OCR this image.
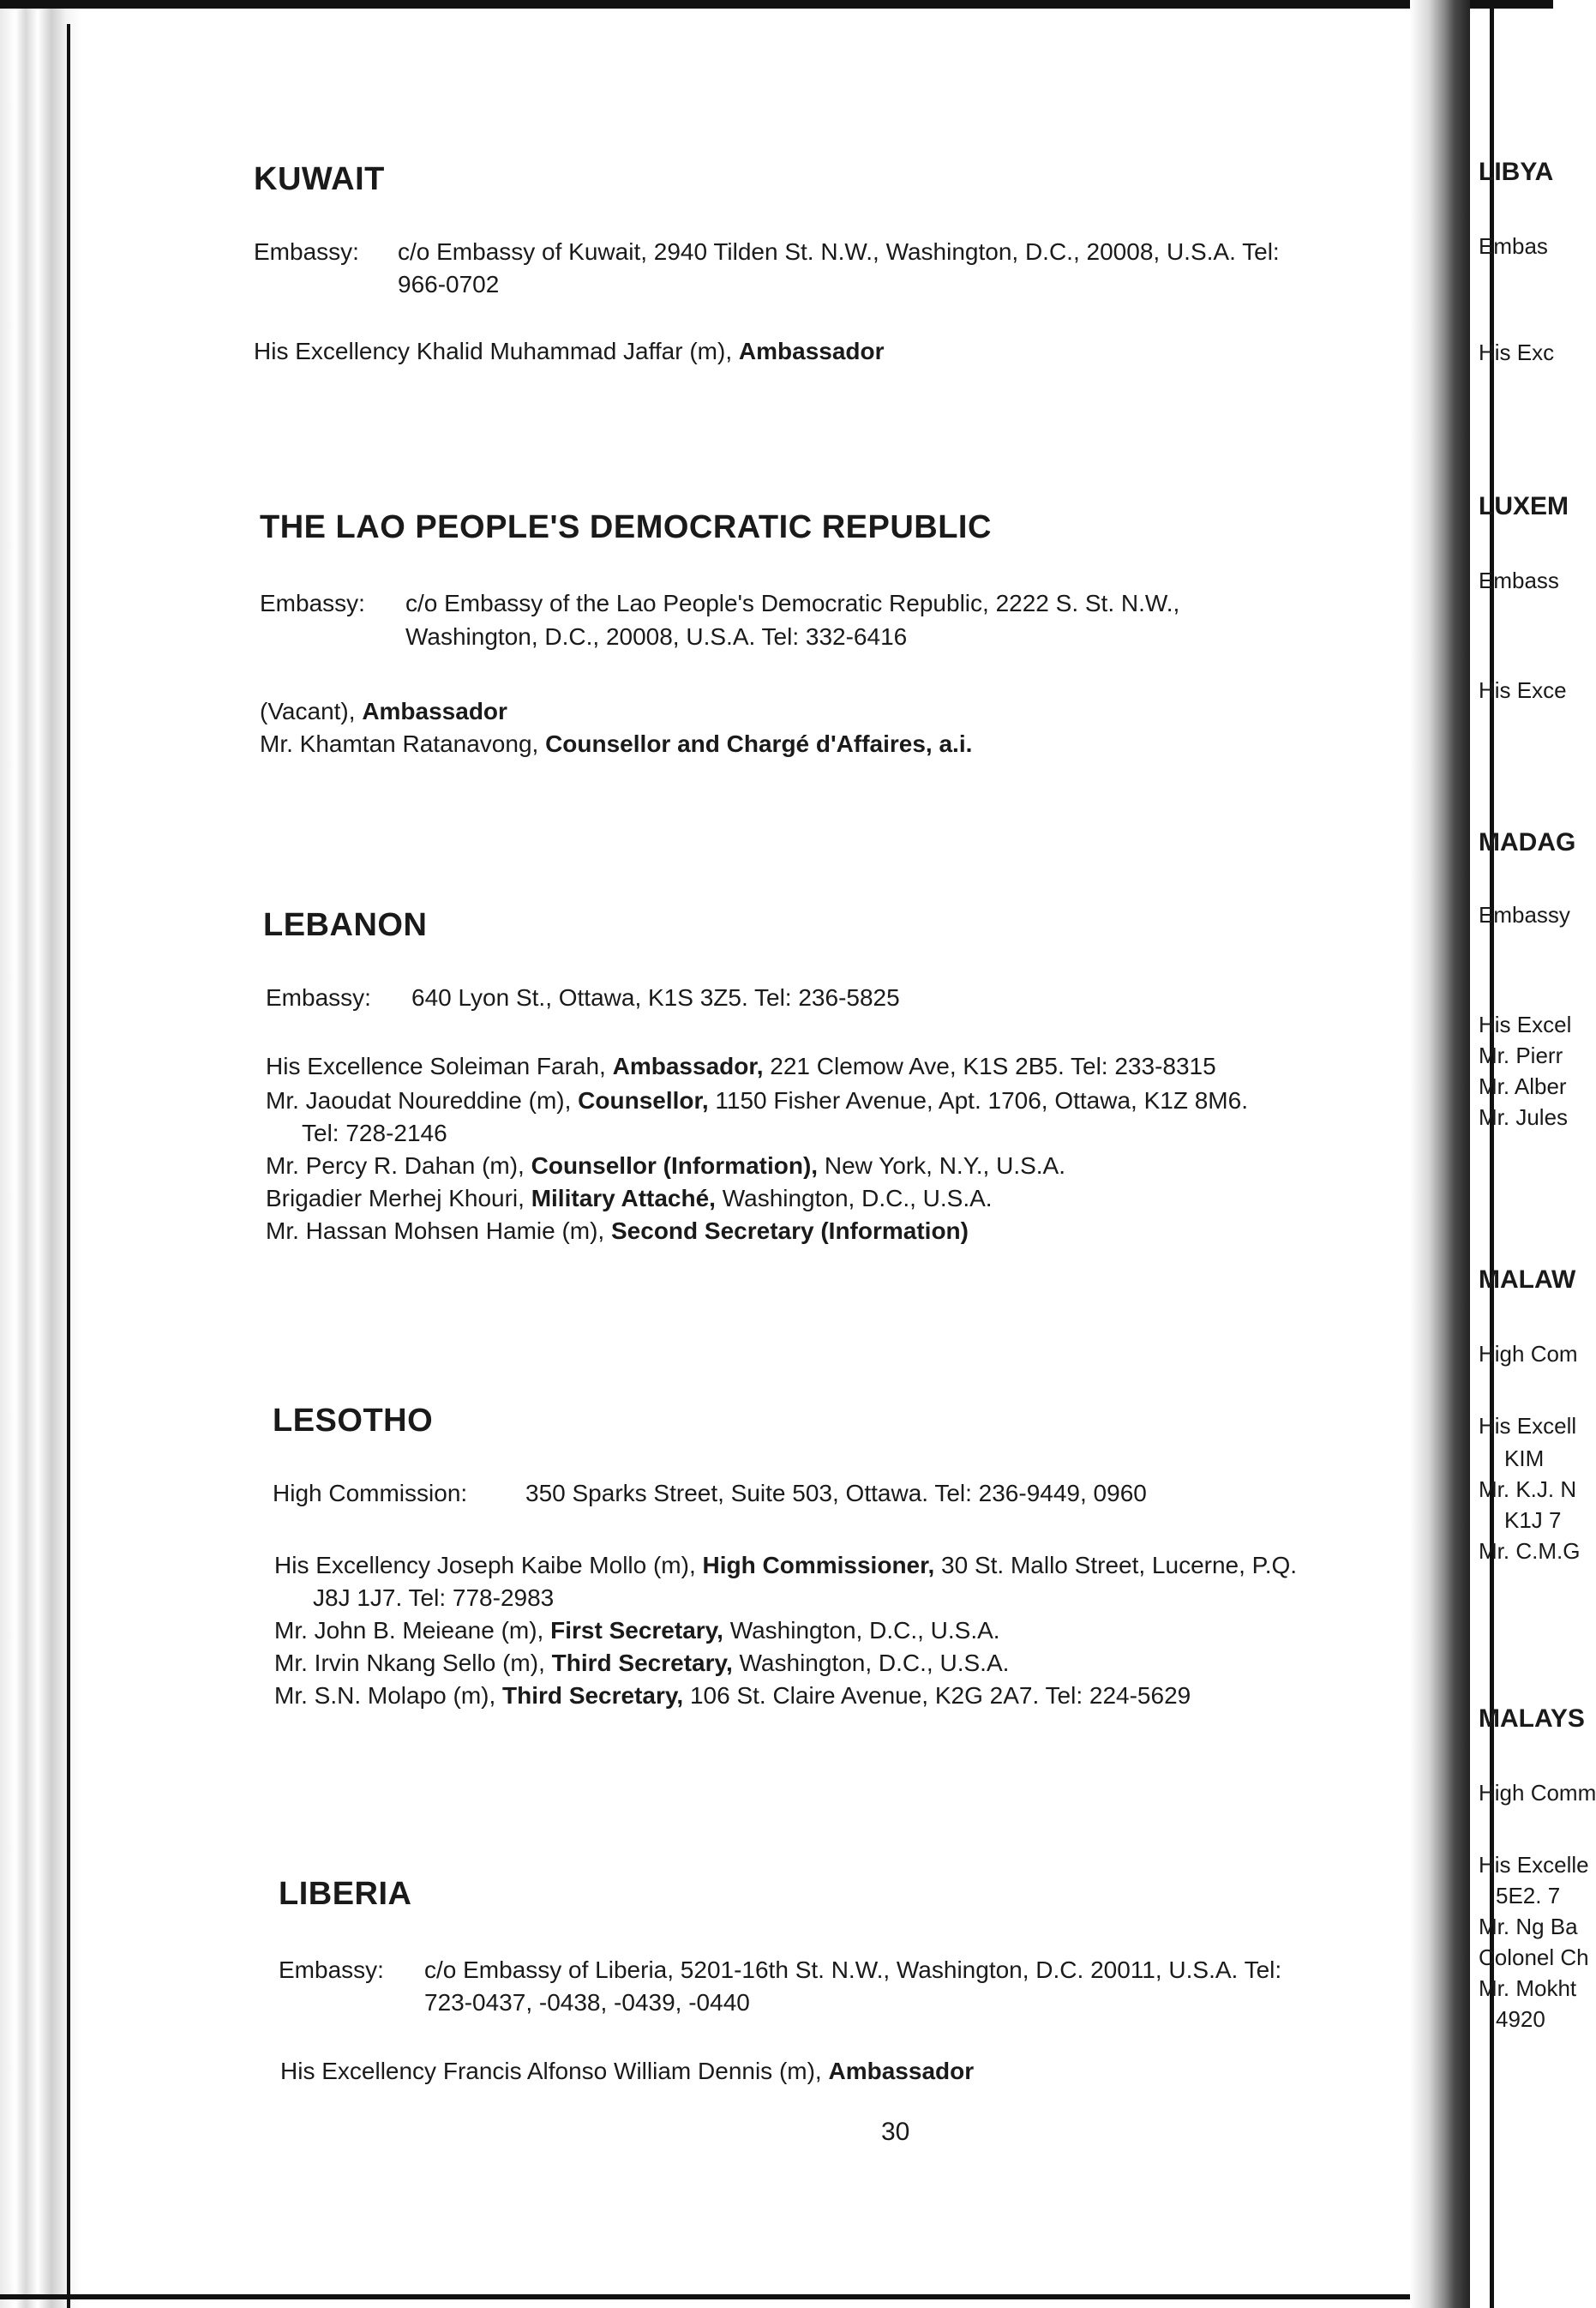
KUWAIT
Embassy: c/o Embassy of Kuwait, 2940 Tilden St. N.W., Washington, D.C., 20008, U.S.A. Tel:
966-0702
His Excellency Khalid Muhammad Jaffar (m), Ambassador
THE LAO PEOPLE'S DEMOCRATIC REPUBLIC
Embassy: c/o Embassy of the Lao People's Democratic Republic, 2222 S. St. N.W.,
Washington, D.C., 20008, U.S.A. Tel: 332-6416
(Vacant), Ambassador
Mr. Khamtan Ratanavong, Counsellor and Chargé d'Affaires, a.i.
LEBANON
Embassy: 640 Lyon St., Ottawa, K1S 3Z5. Tel: 236-5825
His Excellence Soleiman Farah, Ambassador, 221 Clemow Ave, K1S 2B5. Tel: 233-8315
Mr. Jaoudat Noureddine (m), Counsellor, 1150 Fisher Avenue, Apt. 1706, Ottawa, K1Z 8M6.
Tel: 728-2146
Mr. Percy R. Dahan (m), Counsellor (Information), New York, N.Y., U.S.A.
Brigadier Merhej Khouri, Military Attaché, Washington, D.C., U.S.A.
Mr. Hassan Mohsen Hamie (m), Second Secretary (Information)
LESOTHO
High Commission: 350 Sparks Street, Suite 503, Ottawa. Tel: 236-9449, 0960
His Excellency Joseph Kaibe Mollo (m), High Commissioner, 30 St. Mallo Street, Lucerne, P.Q.
J8J 1J7. Tel: 778-2983
Mr. John B. Meieane (m), First Secretary, Washington, D.C., U.S.A.
Mr. Irvin Nkang Sello (m), Third Secretary, Washington, D.C., U.S.A.
Mr. S.N. Molapo (m), Third Secretary, 106 St. Claire Avenue, K2G 2A7. Tel: 224-5629
LIBERIA
Embassy: c/o Embassy of Liberia, 5201-16th St. N.W., Washington, D.C. 20011, U.S.A. Tel:
723-0437, -0438, -0439, -0440
His Excellency Francis Alfonso William Dennis (m), Ambassador
30
LIBYA
Embas
His Exc
LUXEM
Embass
His Exce
MADAG
Embassy
His Excel
Mr. Pierr
Mr. Alber
Mr. Jules
MALAW
High Com
His Excell
KIM
Mr. K.J. N
K1J 7
Mr. C.M.G
MALAYS
High Comm
His Excelle
5E2. 7
Mr. Ng Ba
Colonel Ch
Mr. Mokht
4920
